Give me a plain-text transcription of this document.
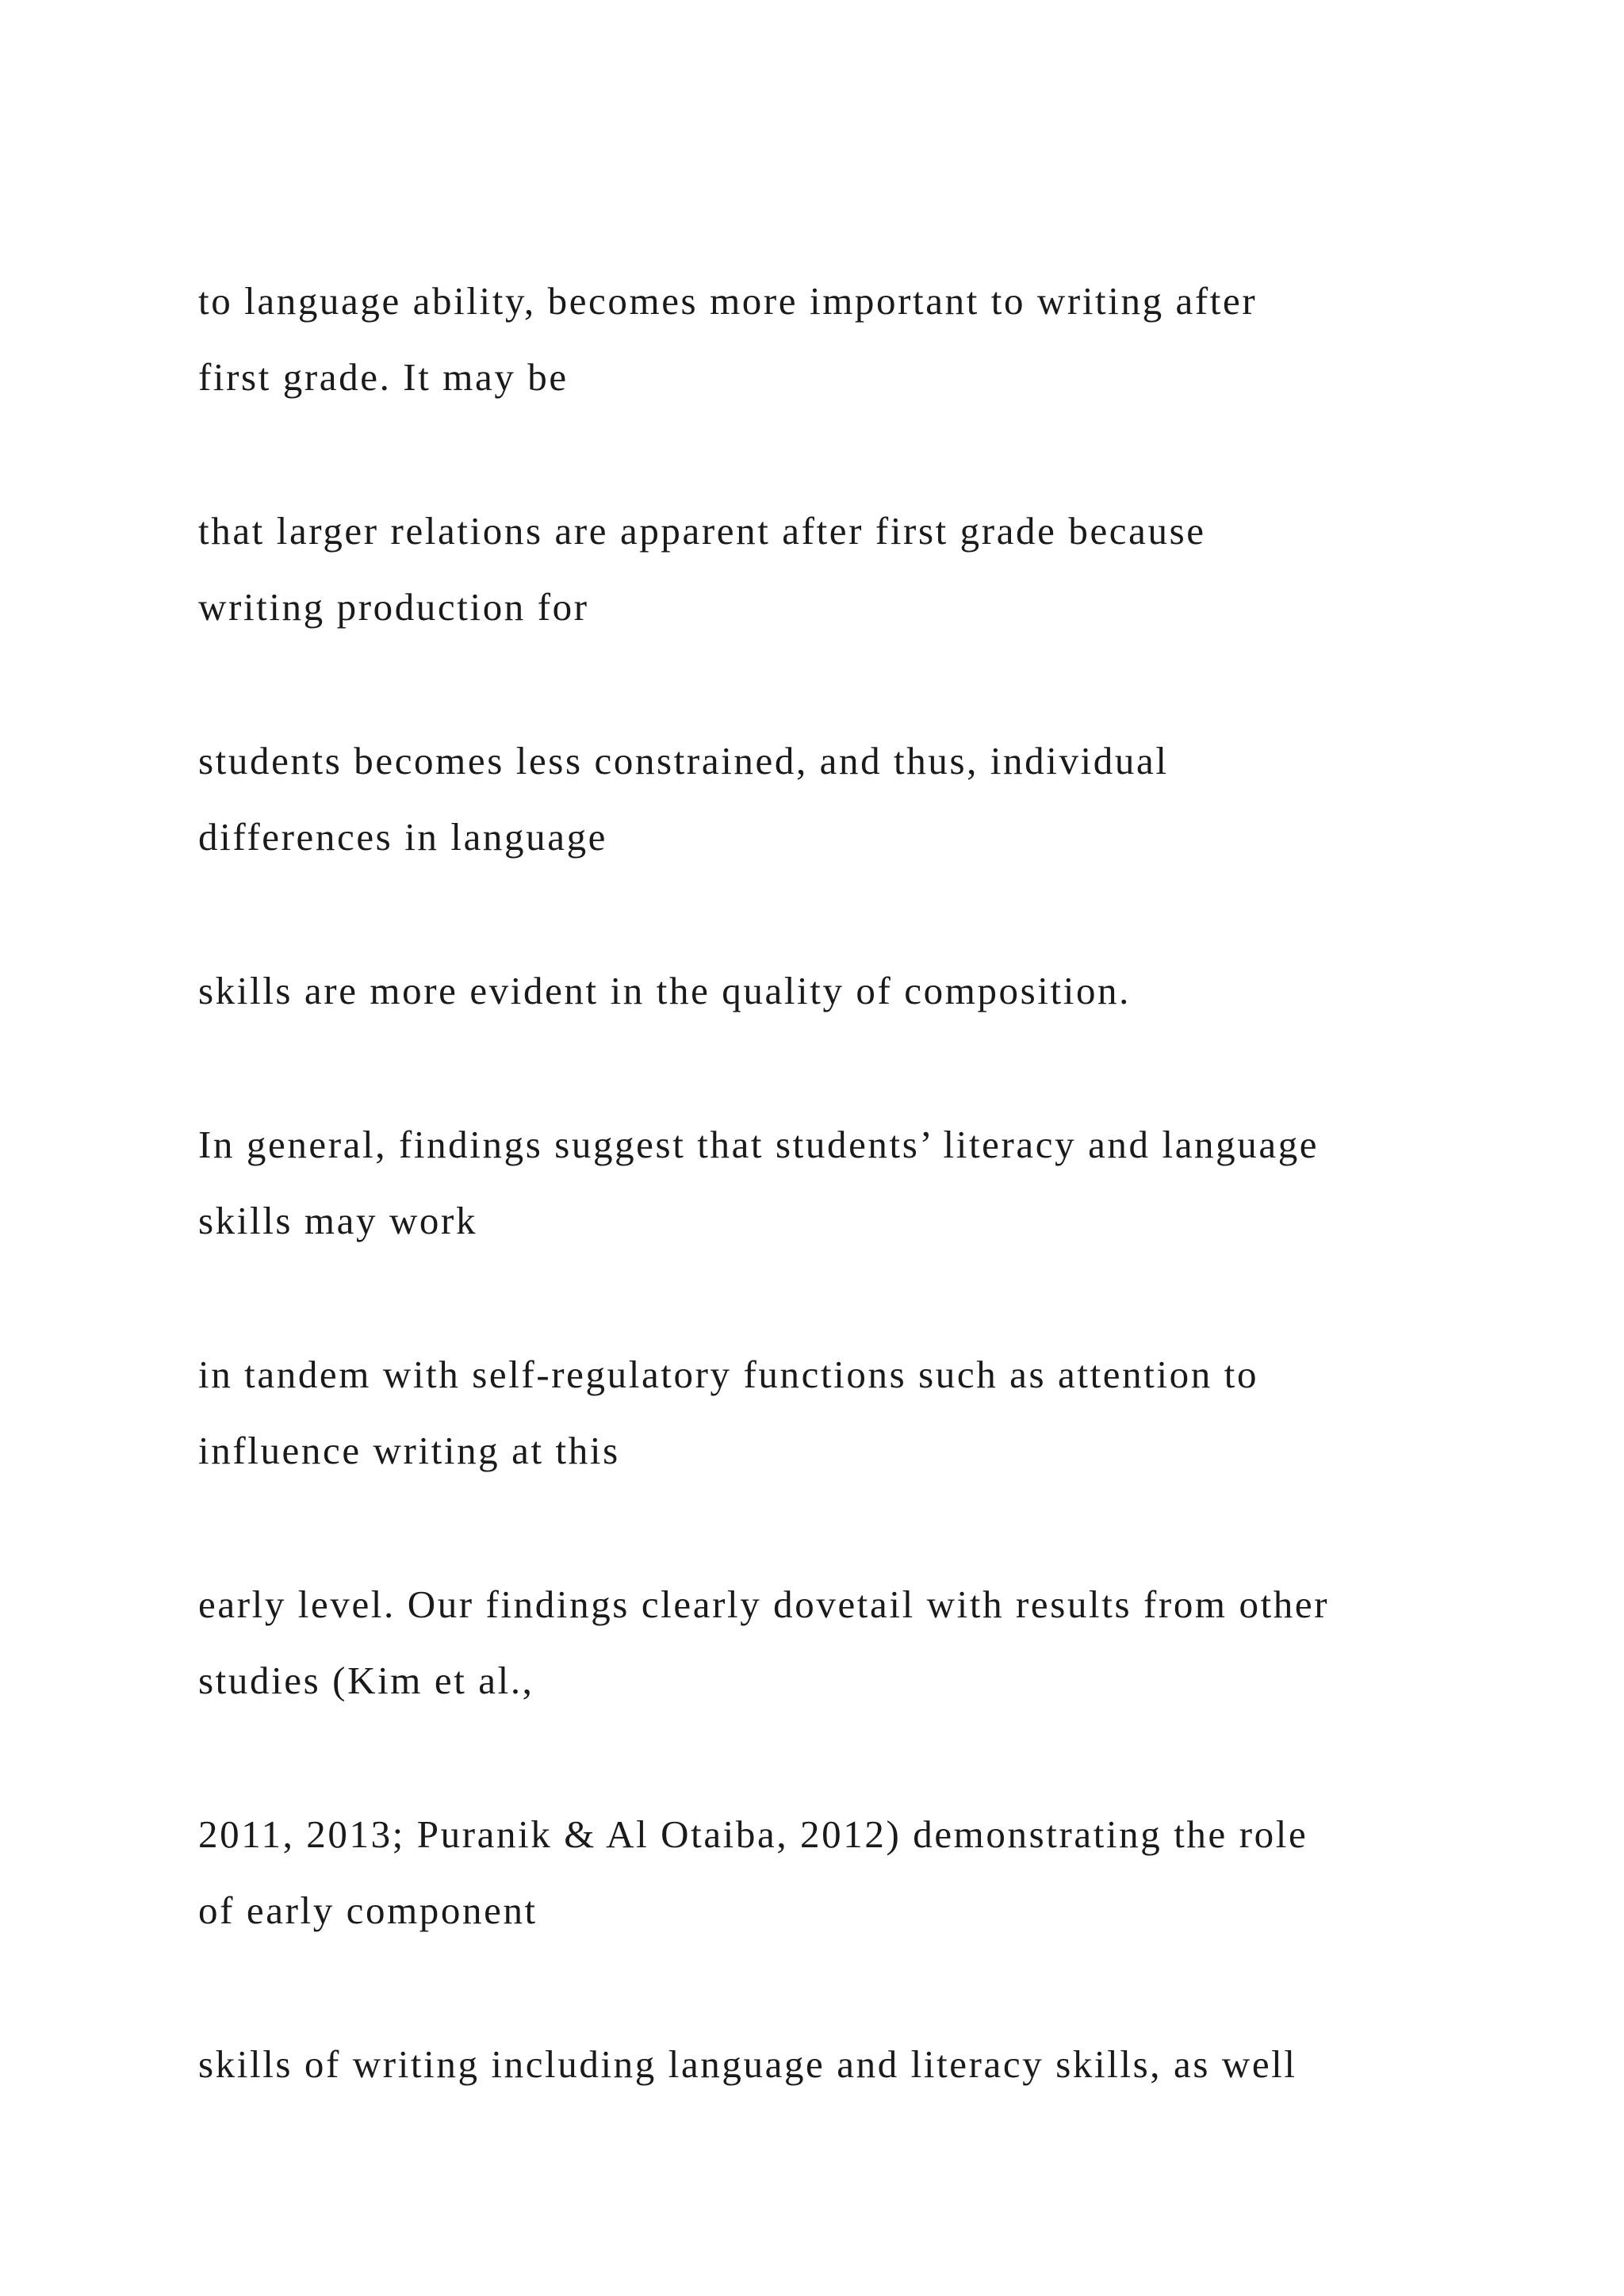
to language ability, becomes more important to writing after
first grade. It may be

that larger relations are apparent after first grade because
writing production for

students becomes less constrained, and thus, individual
differences in language

skills are more evident in the quality of composition.

In general, findings suggest that students’ literacy and language
skills may work

in tandem with self-regulatory functions such as attention to
influence writing at this

early level. Our findings clearly dovetail with results from other
studies (Kim et al.,

2011, 2013; Puranik & Al Otaiba, 2012) demonstrating the role
of early component

skills of writing including language and literacy skills, as well
